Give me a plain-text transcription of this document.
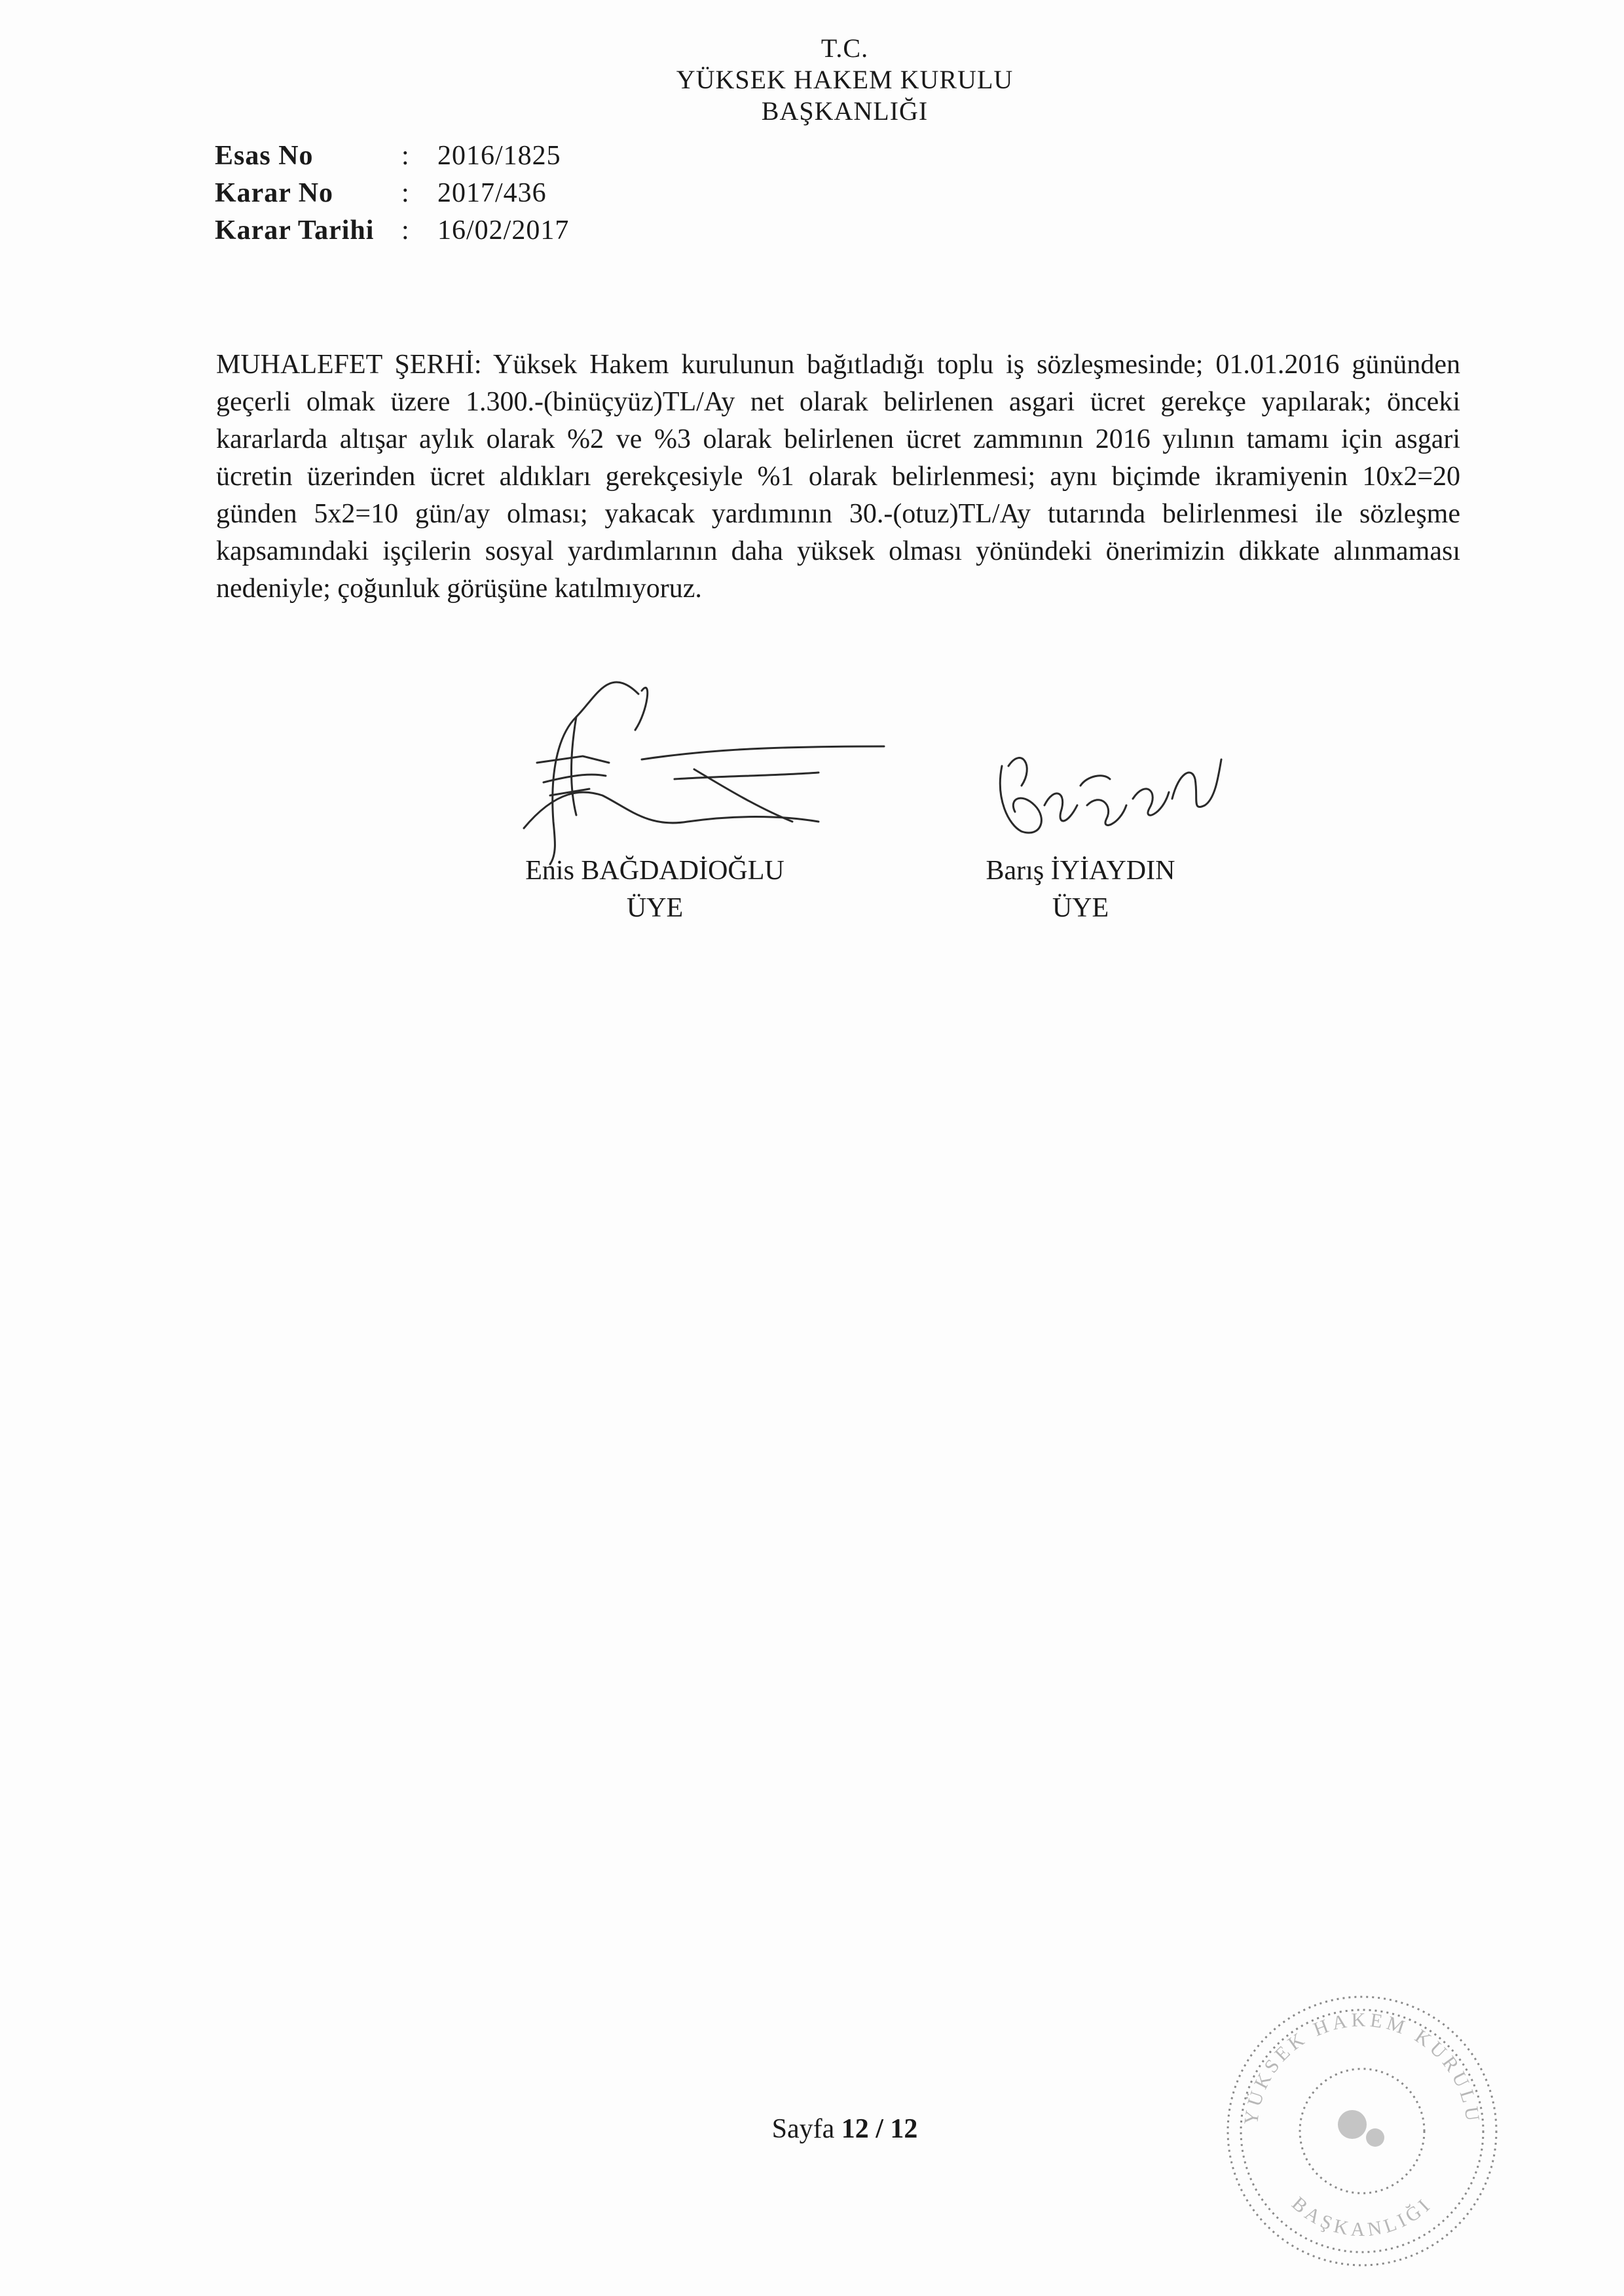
T.C.
YÜKSEK HAKEM KURULU
BAŞKANLIĞI
Esas No	:	2016/1825
Karar No	:	2017/436
Karar Tarihi :	16/02/2017

MUHALEFET ŞERHİ: Yüksek Hakem kurulunun bağıtladığı toplu iş sözleşmesinde; 01.01.2016 gününden geçerli olmak üzere 1.300.-(binüçyüz)TL/Ay net olarak belirlenen asgari ücret gerekçe yapılarak; önceki kararlarda altışar aylık olarak %2 ve %3 olarak belirlenen ücret zammının 2016 yılının tamamı için asgari ücretin üzerinden ücret aldıkları gerekçesiyle %1 olarak belirlenmesi; aynı biçimde ikramiyenin 10x2=20 günden 5x2=10 gün/ay olması; yakacak yardımının 30.-(otuz)TL/Ay tutarında belirlenmesi ile sözleşme kapsamındaki işçilerin sosyal yardımlarının daha yüksek olması yönündeki önerimizin dikkate alınmaması nedeniyle; çoğunluk görüşüne katılmıyoruz.

Enis BAĞDADİOĞLU
ÜYE
Barış İYİAYDIN
ÜYE
Sayfa 12 / 12	YÜKSEK HAKEM KURULU
BAŞKANLIĞI
